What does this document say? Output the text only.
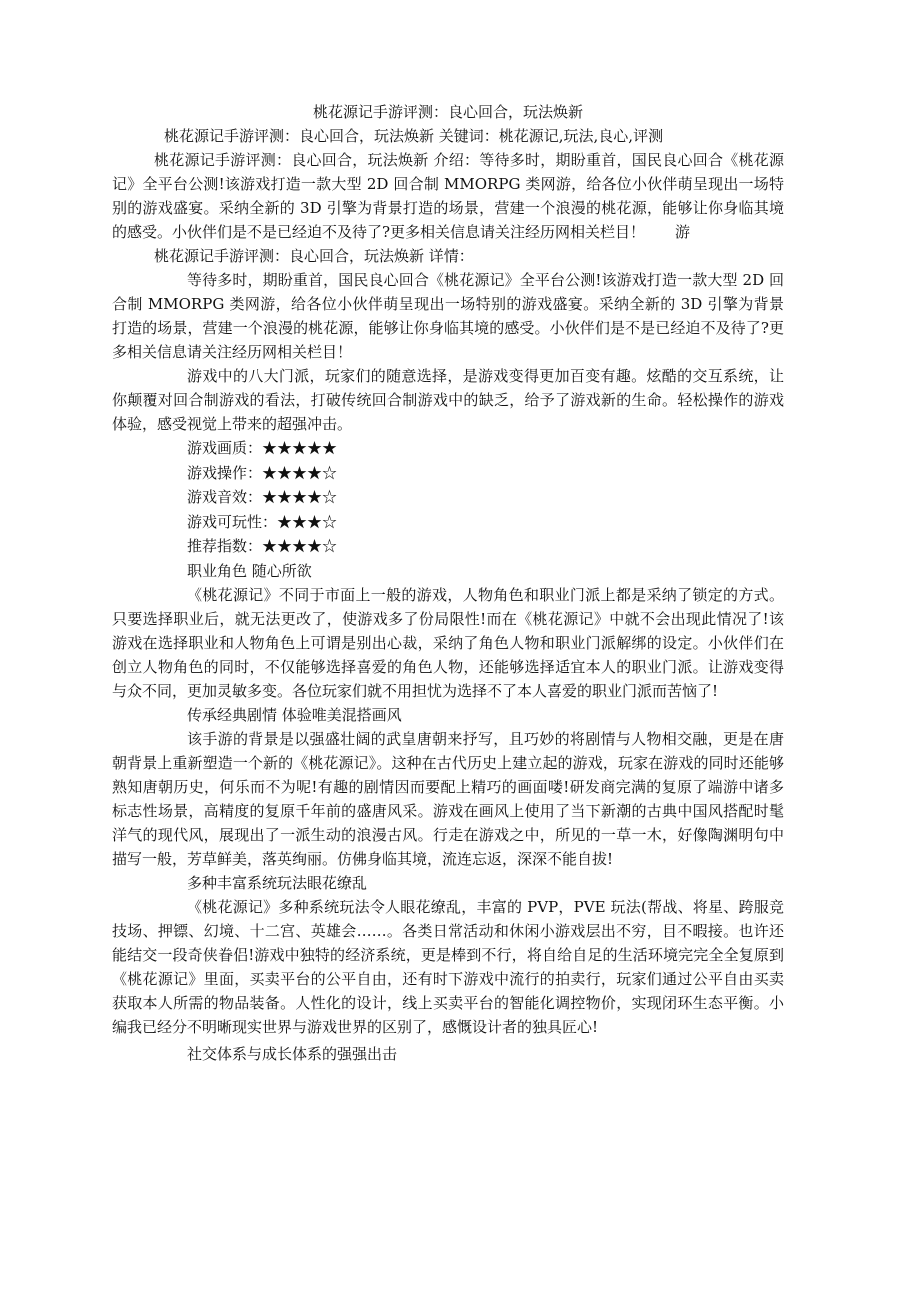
桃花源记手游评测：良心回合，玩法焕新

桃花源记手游评测：良心回合，玩法焕新 关键词：桃花源记,玩法,良心,评测

桃花源记手游评测：良心回合，玩法焕新 介绍：等待多时，期盼重首，国民良心回合《桃花源记》全平台公测!该游戏打造一款大型 2D 回合制 MMORPG 类网游，给各位小伙伴萌呈现出一场特别的游戏盛宴。采纳全新的 3D 引擎为背景打造的场景，营建一个浪漫的桃花源，能够让你身临其境的感受。小伙伴们是不是已经迫不及待了?更多相关信息请关注经历网相关栏目！　　游

桃花源记手游评测：良心回合，玩法焕新 详情：

等待多时，期盼重首，国民良心回合《桃花源记》全平台公测!该游戏打造一款大型 2D 回合制 MMORPG 类网游，给各位小伙伴萌呈现出一场特别的游戏盛宴。采纳全新的 3D 引擎为背景打造的场景，营建一个浪漫的桃花源，能够让你身临其境的感受。小伙伴们是不是已经迫不及待了?更多相关信息请关注经历网相关栏目！

游戏中的八大门派，玩家们的随意选择，是游戏变得更加百变有趣。炫酷的交互系统，让你颠覆对回合制游戏的看法，打破传统回合制游戏中的缺乏，给予了游戏新的生命。轻松操作的游戏体验，感受视觉上带来的超强冲击。

游戏画质：★★★★★

游戏操作：★★★★☆

游戏音效：★★★★☆

游戏可玩性：★★★☆

推荐指数：★★★★☆

职业角色 随心所欲

《桃花源记》不同于市面上一般的游戏，人物角色和职业门派上都是采纳了锁定的方式。只要选择职业后，就无法更改了，使游戏多了份局限性!而在《桃花源记》中就不会出现此情况了!该游戏在选择职业和人物角色上可谓是别出心裁，采纳了角色人物和职业门派解绑的设定。小伙伴们在创立人物角色的同时，不仅能够选择喜爱的角色人物，还能够选择适宜本人的职业门派。让游戏变得与众不同，更加灵敏多变。各位玩家们就不用担忧为选择不了本人喜爱的职业门派而苦恼了!

传承经典剧情 体验唯美混搭画风

该手游的背景是以强盛壮阔的武皇唐朝来抒写，且巧妙的将剧情与人物相交融，更是在唐朝背景上重新塑造一个新的《桃花源记》。这种在古代历史上建立起的游戏，玩家在游戏的同时还能够熟知唐朝历史，何乐而不为呢!有趣的剧情因而要配上精巧的画面喽!研发商完满的复原了端游中诸多标志性场景，高精度的复原千年前的盛唐风采。游戏在画风上使用了当下新潮的古典中国风搭配时髦洋气的现代风，展现出了一派生动的浪漫古风。行走在游戏之中，所见的一草一木，好像陶渊明句中描写一般，芳草鲜美，落英绚丽。仿佛身临其境，流连忘返，深深不能自拔!

多种丰富系统玩法眼花缭乱

《桃花源记》多种系统玩法令人眼花缭乱，丰富的 PVP，PVE 玩法(帮战、将星、跨服竞技场、押镖、幻境、十二宫、英雄会……。各类日常活动和休闲小游戏层出不穷，目不暇接。也许还能结交一段奇侠眷侣!游戏中独特的经济系统，更是棒到不行，将自给自足的生活环境完完全全复原到《桃花源记》里面，买卖平台的公平自由，还有时下游戏中流行的拍卖行，玩家们通过公平自由买卖获取本人所需的物品装备。人性化的设计，线上买卖平台的智能化调控物价，实现闭环生态平衡。小编我已经分不明晰现实世界与游戏世界的区别了，感慨设计者的独具匠心!

社交体系与成长体系的强强出击
